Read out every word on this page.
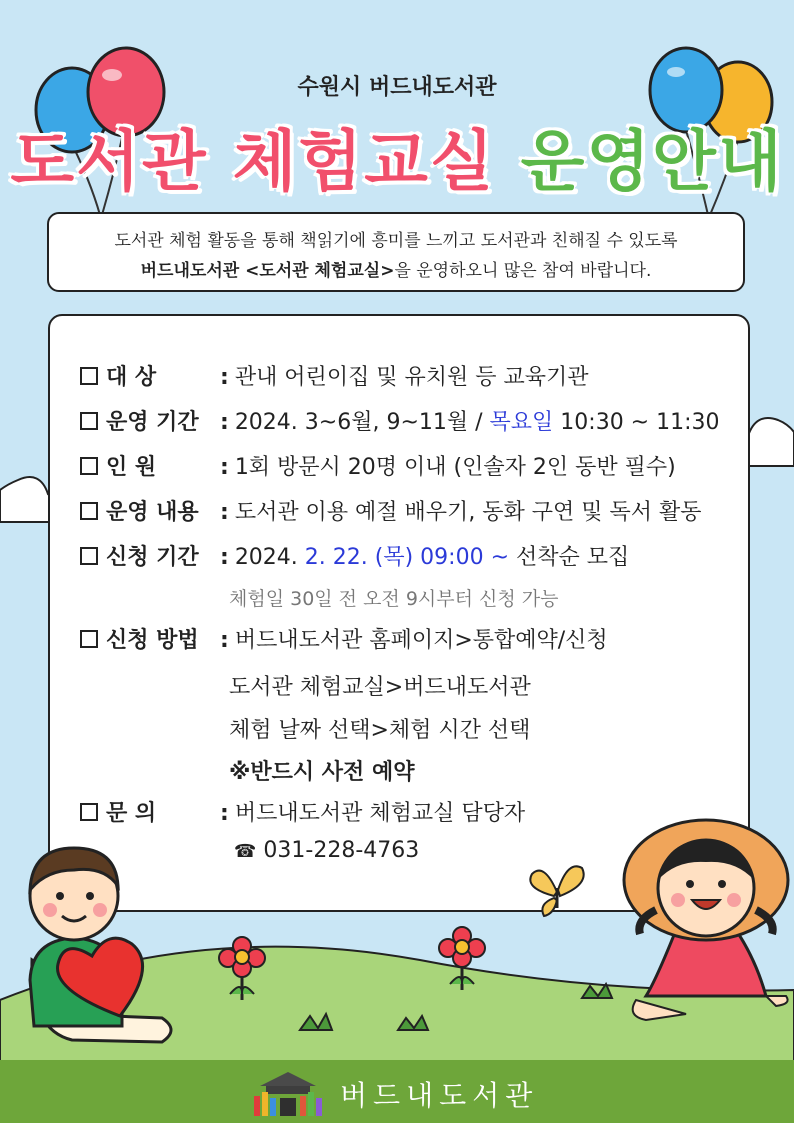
수원시 버드내도서관
도서관 체험교실 운영안내
도서관 체험 활동을 통해 책읽기에 흥미를 느끼고 도서관과 친해질 수 있도록
버드내도서관 <도서관 체험교실>을 운영하오니 많은 참여 바랍니다.
대 상	: 관내 어린이집 및 유치원 등 교육기관
운영 기간 : 2024. 3~6월, 9~11월 / 목요일 10:30 ~ 11:30
인 원	: 1회 방문시 20명 이내 (인솔자 2인 동반 필수)
운영 내용 : 도서관 이용 예절 배우기, 동화 구연 및 독서 활동
신청 기간 : 2024. 2. 22. (목) 09:00 ~ 선착순 모집
체험일 30일 전 오전 9시부터 신청 가능
신청 방법 : 버드내도서관 홈페이지>통합예약/신청
도서관 체험교실>버드내도서관
체험 날짜 선택>체험 시간 선택
※반드시 사전 예약
문 의	: 버드내도서관 체험교실 담당자
☎ 031-228-4763
버드내도서관
